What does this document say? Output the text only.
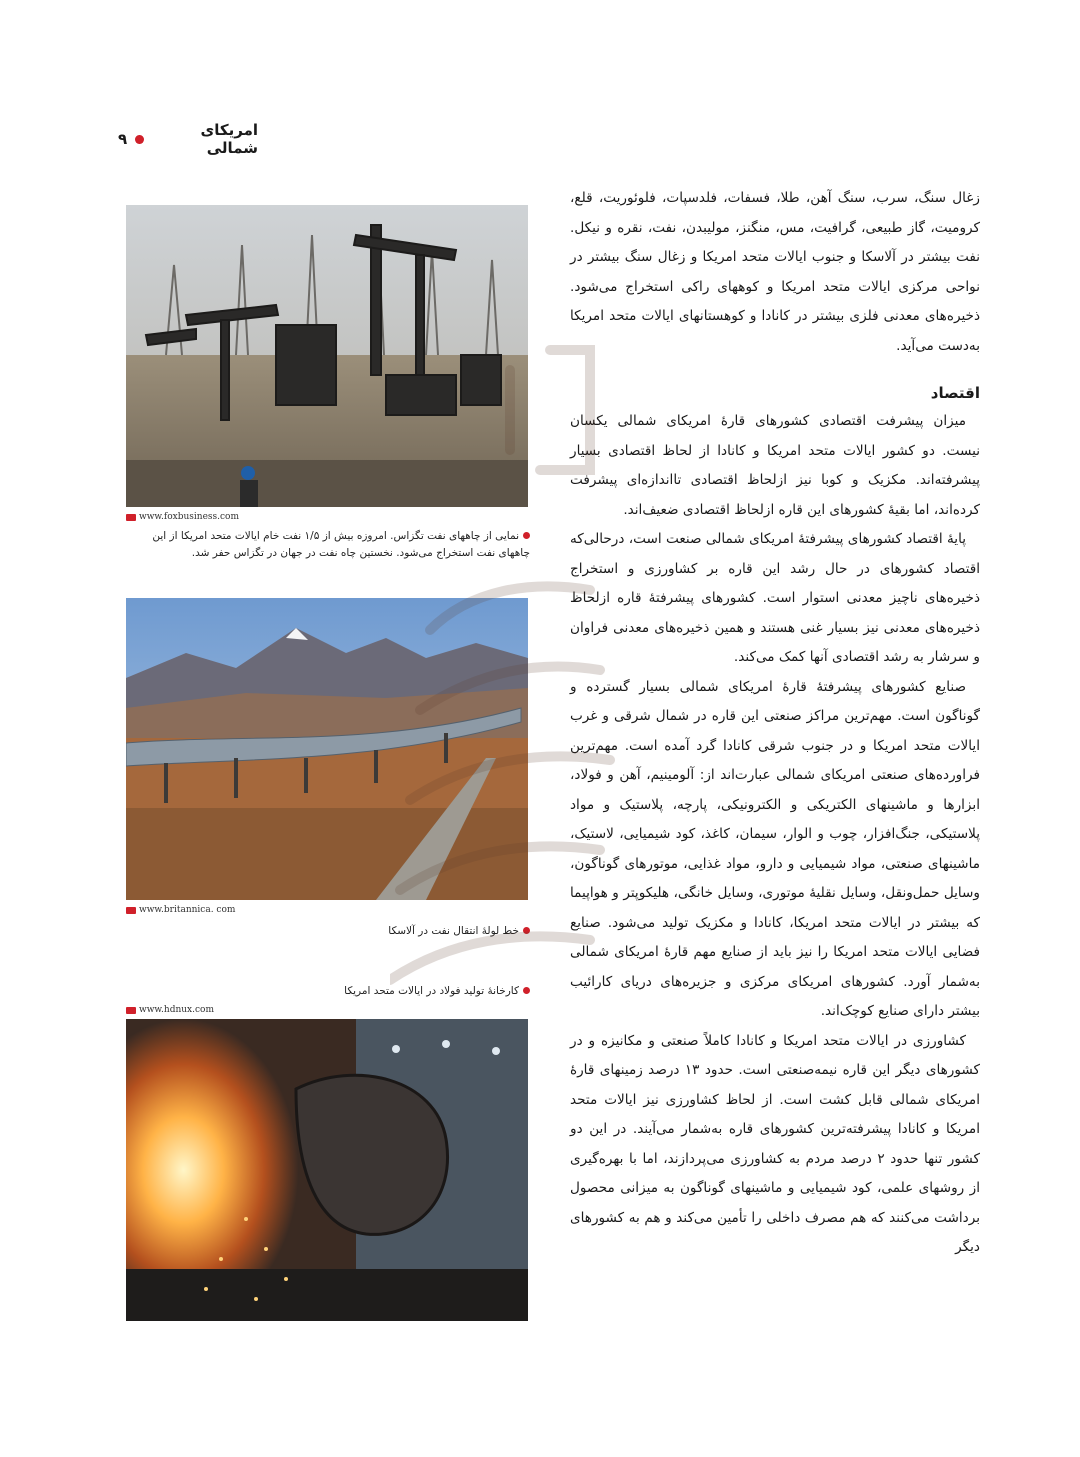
امریکای شمالی
۹

زغال سنگ، سرب، سنگ آهن، طلا، فسفات، فلدسپات، فلوئوریت، قلع، کرومیت، گاز طبیعی، گرافیت، مس، منگنز، مولیبدن، نفت، نقره و نیکل. نفت بیشتر در آلاسکا و جنوب ایالات متحد امریکا و زغال سنگ بیشتر در نواحی مرکزی ایالات متحد امریکا و کوههای راکی استخراج می‌شود. ذخیره‌های معدنی فلزی بیشتر در کانادا و کوهستانهای ایالات متحد امریکا به‌دست می‌آید.

اقتصاد

میزان پیشرفت اقتصادی کشورهای قارهٔ امریکای شمالی یکسان نیست. دو کشور ایالات متحد امریکا و کانادا از لحاظ اقتصادی بسیار پیشرفته‌اند. مکزیک و کوبا نیز ازلحاظ اقتصادی تااندازه‌ای پیشرفت کرده‌اند، اما بقیهٔ کشورهای این قاره ازلحاظ اقتصادی ضعیف‌اند.

پایهٔ اقتصاد کشورهای پیشرفتهٔ امریکای شمالی صنعت است، درحالی‌که اقتصاد کشورهای در حال رشد این قاره بر کشاورزی و استخراج ذخیره‌های ناچیز معدنی استوار است. کشورهای پیشرفتهٔ قاره ازلحاظ ذخیره‌های معدنی نیز بسیار غنی هستند و همین ذخیره‌های معدنی فراوان و سرشار به رشد اقتصادی آنها کمک می‌کند.

صنایع کشورهای پیشرفتهٔ قارهٔ امریکای شمالی بسیار گسترده و گوناگون است. مهم‌ترین مراکز صنعتی این قاره در شمال شرقی و غرب ایالات متحد امریکا و در جنوب شرقی کانادا گرد آمده است. مهم‌ترین فراورده‌های صنعتی امریکای شمالی عبارت‌اند از: آلومینیم، آهن و فولاد، ابزارها و ماشینهای الکتریکی و الکترونیکی، پارچه، پلاستیک و مواد پلاستیکی، جنگ‌افزار، چوب و الوار، سیمان، کاغذ، کود شیمیایی، لاستیک، ماشینهای صنعتی، مواد شیمیایی و دارو، مواد غذایی، موتورهای گوناگون، وسایل حمل‌ونقل، وسایل نقلیهٔ موتوری، وسایل خانگی، هلیکوپتر و هواپیما که بیشتر در ایالات متحد امریکا، کانادا و مکزیک تولید می‌شود. صنایع فضایی ایالات متحد امریکا را نیز باید از صنایع مهم قارهٔ امریکای شمالی به‌شمار آورد. کشورهای امریکای مرکزی و جزیره‌های دریای کارائیب بیشتر دارای صنایع کوچک‌اند.

کشاورزی در ایالات متحد امریکا و کانادا کاملاً صنعتی و مکانیزه و در کشورهای دیگر این قاره نیمه‌صنعتی است. حدود ۱۳ درصد زمینهای قارهٔ امریکای شمالی قابل کشت است. از لحاظ کشاورزی نیز ایالات متحد امریکا و کانادا پیشرفته‌ترین کشورهای قاره به‌شمار می‌آیند. در این دو کشور تنها حدود ۲ درصد مردم به کشاورزی می‌پردازند، اما با بهره‌گیری از روشهای علمی، کود شیمیایی و ماشینهای گوناگون به میزانی محصول برداشت می‌کنند که هم مصرف داخلی را تأمین می‌کند و هم به کشورهای دیگر

www.foxbusiness.com
نمایی از چاههای نفت تگزاس. امروزه بیش از ۱/۵ نفت خام ایالات متحد امریکا از این چاههای نفت استخراج می‌شود. نخستین چاه نفت در جهان در تگزاس حفر شد.
www.britannica. com
خط لولهٔ انتقال نفت در آلاسکا
کارخانهٔ تولید فولاد در ایالات متحد امریکا
www.hdnux.com
